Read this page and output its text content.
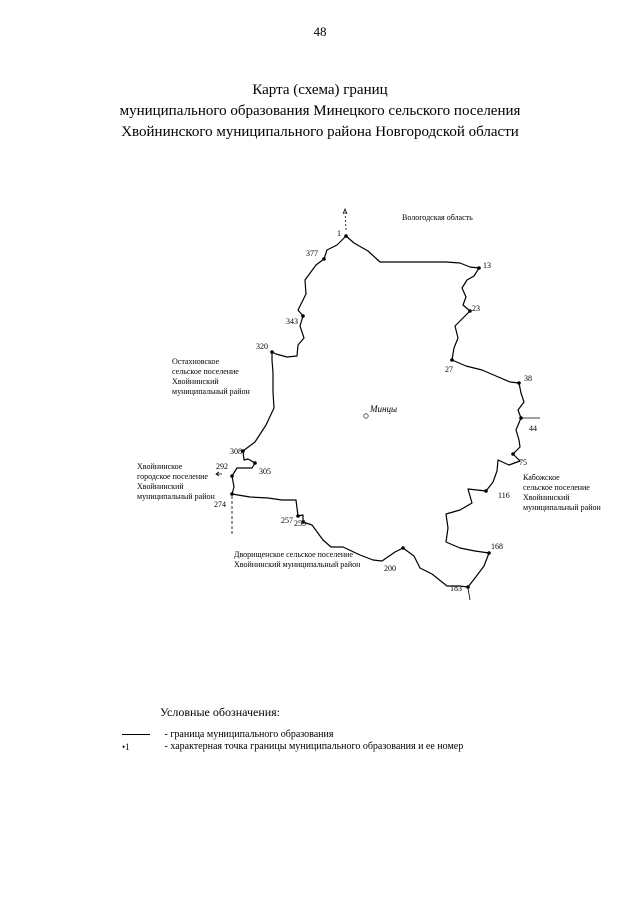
48
Карта (схема) границ
муниципального образования Минецкого сельского поселения
Хвойнинского муниципального района Новгородской области
1
13
23
27
38
44
75
116
168
183
200
255
257
274
292
305
308
320
343
377
Минцы
Вологодская область
Остахновское
сельское поселение
Хвойнинский
муниципальный район
Хвойнинское
городское поселение
Хвойнинский
муниципальный район
Кабожское
сельское поселение
Хвойнинский
муниципальный район
Дворищенское сельское поселение
Хвойнинский муниципальный район
Условные обозначения:
- граница муниципального образования
•1	- характерная точка границы муниципального образования и ее номер
